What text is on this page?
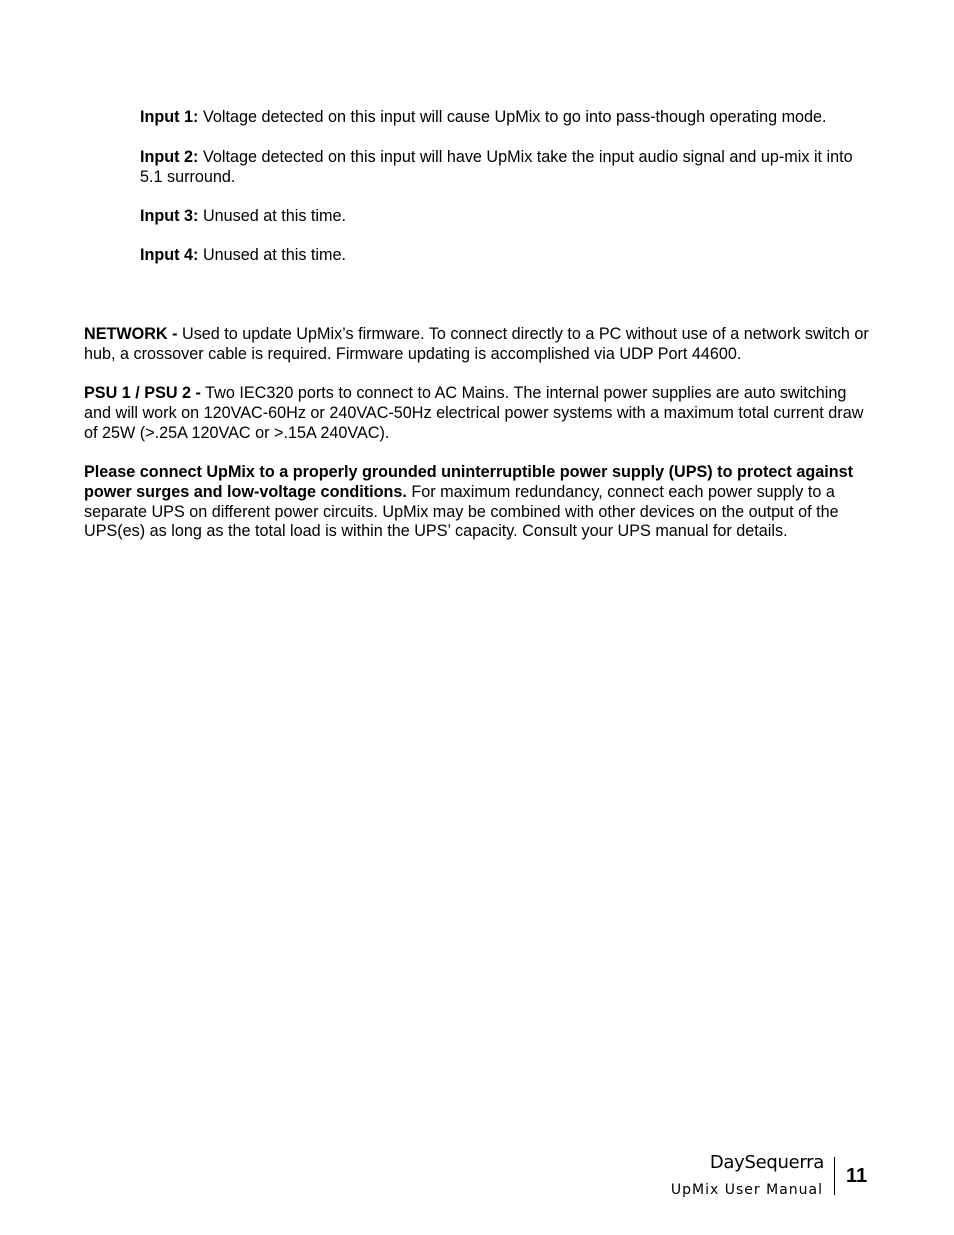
Input 1: Voltage detected on this input will cause UpMix to go into pass-though operating mode.

Input 2: Voltage detected on this input will have UpMix take the input audio signal and up-mix it into 5.1 surround.

Input 3: Unused at this time.

Input 4: Unused at this time.

NETWORK - Used to update UpMix’s firmware. To connect directly to a PC without use of a network switch or hub, a crossover cable is required. Firmware updating is accomplished via UDP Port 44600.

PSU 1 / PSU 2 - Two IEC320 ports to connect to AC Mains. The internal power supplies are auto switching and will work on 120VAC-60Hz or 240VAC-50Hz electrical power systems with a maximum total current draw of 25W (>.25A 120VAC or >.15A 240VAC).

Please connect UpMix to a properly grounded uninterruptible power supply (UPS) to protect against power surges and low-voltage conditions. For maximum redundancy, connect each power supply to a separate UPS on different power circuits. UpMix may be combined with other devices on the output of the UPS(es) as long as the total load is within the UPS’ capacity. Consult your UPS manual for details.

DaySequerra
UpMix User Manual
11
